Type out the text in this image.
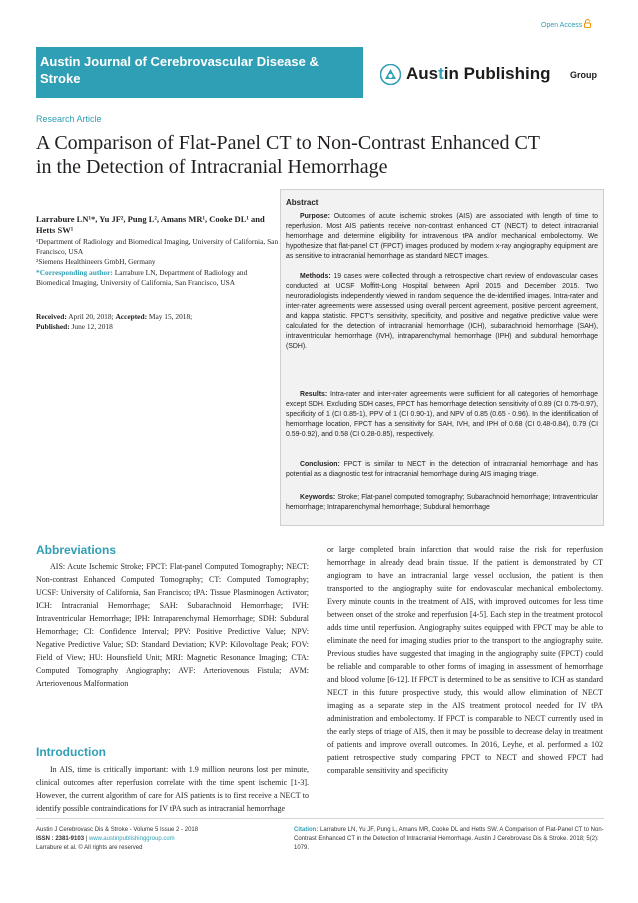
Open Access
Austin Journal of Cerebrovascular Disease & Stroke	Austin Publishing Group
Research Article
A Comparison of Flat-Panel CT to Non-Contrast Enhanced CT in the Detection of Intracranial Hemorrhage
Larrabure LN¹*, Yu JF², Pung L², Amans MR¹, Cooke DL¹ and Hetts SW¹
¹Department of Radiology and Biomedical Imaging, University of California, San Francisco, USA
²Siemens Healthineers GmbH, Germany
*Corresponding author: Larrabure LN, Department of Radiology and Biomedical Imaging, University of California, San Francisco, USA
Received: April 20, 2018; Accepted: May 15, 2018;
Published: June 12, 2018
Abstract
Purpose: Outcomes of acute ischemic strokes (AIS) are associated with length of time to reperfusion. Most AIS patients receive non-contrast enhanced CT (NECT) to detect intracranial hemorrhage and determine eligibility for intravenous tPA and/or mechanical embolectomy. We hypothesize that flat-panel CT (FPCT) images produced by modern x-ray angiography equipment are as sensitive to intracranial hemorrhage as standard NECT images.
Methods: 19 cases were collected through a retrospective chart review of endovascular cases conducted at UCSF Moffitt-Long Hospital between April 2015 and December 2015. Two neuroradiologists independently viewed in random sequence the de-identified images. Intra-rater and inter-rater agreements were assessed using overall percent agreement, positive percent agreement, and kappa statistic. FPCT’s sensitivity, specificity, and positive and negative predictive value were calculated for the detection of intracranial hemorrhage (ICH), subarachnoid hemorrhage (SAH), intraventricular hemorrhage (IVH), intraparenchymal hemorrhage (IPH) and subdural hemorrhage (SDH).
Results: Intra-rater and inter-rater agreements were sufficient for all categories of hemorrhage except SDH. Excluding SDH cases, FPCT has hemorrhage detection sensitivity of 0.89 (CI 0.75-0.97), specificity of 1 (CI 0.85-1), PPV of 1 (CI 0.90-1), and NPV of 0.85 (0.65 - 0.96). In the identification of hemorrhage location, FPCT has a sensitivity for SAH, IVH, and IPH of 0.68 (CI 0.48-0.84), 0.79 (CI 0.59-0.92), and 0.58 (CI 0.28-0.85), respectively.
Conclusion: FPCT is similar to NECT in the detection of intracranial hemorrhage and has potential as a diagnostic test for intracranial hemorrhage during AIS imaging triage.
Keywords: Stroke; Flat-panel computed tomography; Subarachnoid hemorrhage; Intraventricular hemorrhage; Intraparenchymal hemorrhage; Subdural hemorrhage
Abbreviations
AIS: Acute Ischemic Stroke; FPCT: Flat-panel Computed Tomography; NECT: Non-contrast Enhanced Computed Tomography; CT: Computed Tomography; UCSF: University of California, San Francisco; tPA: Tissue Plasminogen Activator; ICH: Intracranial Hemorrhage; SAH: Subarachnoid Hemorrhage; IVH: Intraventricular Hemorrhage; IPH: Intraparenchymal Hemorrhage; SDH: Subdural Hemorrhage; CI: Confidence Interval; PPV: Positive Predictive Value; NPV: Negative Predictive Value; SD: Standard Deviation; KVP: Kilovoltage Peak; FOV: Field of View; HU: Hounsfield Unit; MRI: Magnetic Resonance Imaging; CTA: Computed Tomography Angiography; AVF: Arteriovenous Fistula; AVM: Arteriovenous Malformation
Introduction
In AIS, time is critically important: with 1.9 million neurons lost per minute, clinical outcomes after reperfusion correlate with the time spent ischemic [1-3]. However, the current algorithm of care for AIS patients is to first receive a NECT to identify possible contraindications for IV tPA such as intracranial hemorrhage
or large completed brain infarction that would raise the risk for reperfusion hemorrhage in already dead brain tissue. If the patient is demonstrated by CT angiogram to have an intracranial large vessel occlusion, the patient is then transported to the angiography suite for endovascular mechanical embolectomy. Every minute counts in the treatment of AIS, with improved outcomes for less time between onset of the stroke and reperfusion [4-5]. Each step in the treatment protocol adds time until reperfusion. Angiography suites equipped with FPCT may be able to eliminate the need for imaging studies prior to the transport to the angiography suite. Previous studies have suggested that imaging in the angiography suite (FPCT) could be reliable and comparable to other forms of imaging in assessment of hemorrhage and blood volume [6-12]. If FPCT is determined to be as sensitive to ICH as standard NECT in this future prospective study, this would allow elimination of NECT imaging as a separate step in the AIS treatment protocol needed for IV tPA administration and embolectomy. If FPCT is comparable to NECT currently used in the early steps of triage of AIS, then it may be possible to decrease delay in treatment of patients and improve overall outcomes. In 2016, Leyhe, et al. performed a 102 patient retrospective study comparing FPCT to NECT and showed FPCT had comparable sensitivity and specificity
Austin J Cerebrovasc Dis & Stroke - Volume 5 Issue 2 - 2018
ISSN : 2381-9103 | www.austinpublishinggroup.com
Larrabure et al. © All rights are reserved
Citation: Larrabure LN, Yu JF, Pung L, Amans MR, Cooke DL and Hetts SW. A Comparison of Flat-Panel CT to Non-Contrast Enhanced CT in the Detection of Intracranial Hemorrhage. Austin J Cerebrovasc Dis & Stroke. 2018; 5(2): 1079.
